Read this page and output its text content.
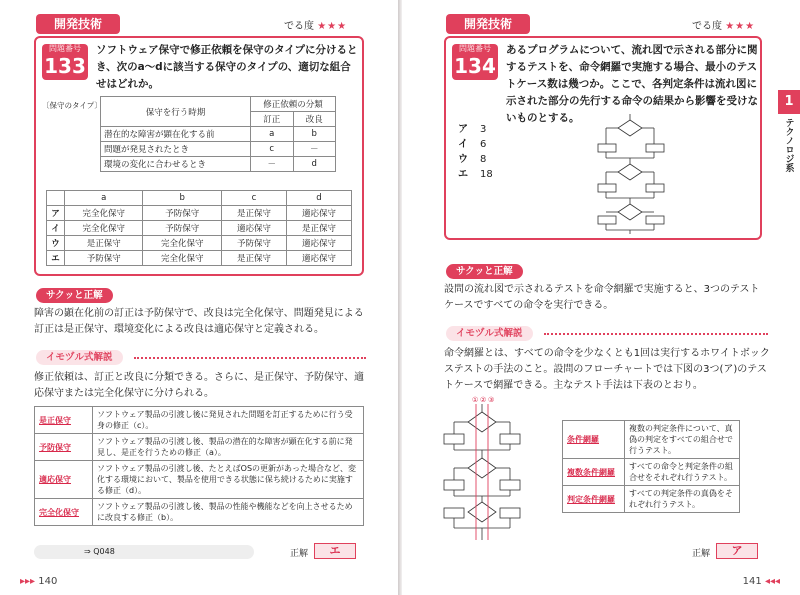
開発技術	でる度 ★★★
問題番号
133
ソフトウェア保守で修正依頼を保守のタイプに分けるとき、次のa～dに該当する保守のタイプの、適切な組合せはどれか。
〔保守のタイプ〕
保守を行う時期	修正依頼の分類	
	訂正	改良
潜在的な障害が顕在化する前	a	b
問題が発見されたとき	c	－
環境の変化に合わせるとき	－	d
	a	b	c	d
ア	完全化保守	予防保守	是正保守	適応保守
イ	完全化保守	予防保守	適応保守	是正保守
ウ	是正保守	完全化保守	予防保守	適応保守
エ	予防保守	完全化保守	是正保守	適応保守
サクッと正解
障害の顕在化前の訂正は予防保守で、改良は完全化保守、問題発見による訂正は是正保守、環境変化による改良は適応保守と定義される。
イモヅル式解説
修正依頼は、訂正と改良に分類できる。さらに、是正保守、予防保守、適応保守または完全化保守に分けられる。
是正保守	ソフトウェア製品の引渡し後に発見された問題を訂正するために行う受身の修正（c）。
予防保守	ソフトウェア製品の引渡し後、製品の潜在的な障害が顕在化する前に発見し、是正を行うための修正（a）。
適応保守	ソフトウェア製品の引渡し後、たとえばOSの更新があった場合など、変化する環境において、製品を使用できる状態に保ち続けるために実施する修正（d）。
完全化保守	ソフトウェア製品の引渡し後、製品の性能や機能などを向上させるために改良する修正（b）。
⇒ Q048	正解	エ
▸▸▸ 140
開発技術	でる度 ★★★
問題番号
134
あるプログラムについて、流れ図で示される部分に関するテストを、命令網羅で実施する場合、最小のテストケース数は幾つか。ここで、各判定条件は流れ図に示された部分の先行する命令の結果から影響を受けないものとする。
ア 3
イ 6
ウ 8
エ 18
1
テクノロジ系
サクッと正解
設問の流れ図で示されるテストを命令網羅で実施すると、3つのテストケースですべての命令を実行できる。
イモヅル式解説
命令網羅とは、すべての命令を少なくとも1回は実行するホワイトボックステストの手法のこと。設問のフローチャートでは下図の3つ(ア)のテストケースで網羅できる。主なテスト手法は下表のとおり。
① ② ③
条件網羅	複数の判定条件について、真偽の判定をすべての組合せで行うテスト。
複数条件網羅	すべての命令と判定条件の組合せをそれぞれ行うテスト。
判定条件網羅	すべての判定条件の真偽をそれぞれ行うテスト。
正解	ア
141 ◂◂◂
